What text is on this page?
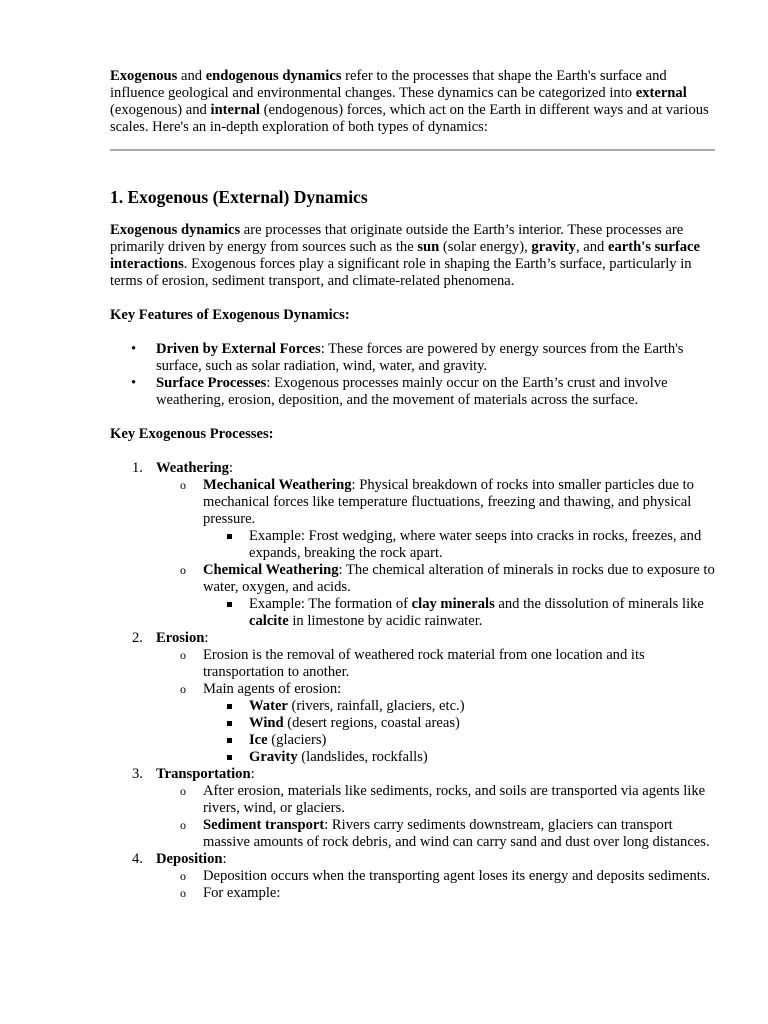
Exogenous and endogenous dynamics refer to the processes that shape the Earth's surface and influence geological and environmental changes. These dynamics can be categorized into external (exogenous) and internal (endogenous) forces, which act on the Earth in different ways and at various scales. Here's an in-depth exploration of both types of dynamics:

1. Exogenous (External) Dynamics

Exogenous dynamics are processes that originate outside the Earth’s interior. These processes are primarily driven by energy from sources such as the sun (solar energy), gravity, and earth's surface interactions. Exogenous forces play a significant role in shaping the Earth’s surface, particularly in terms of erosion, sediment transport, and climate-related phenomena.

Key Features of Exogenous Dynamics:

• Driven by External Forces: These forces are powered by energy sources from the Earth's surface, such as solar radiation, wind, water, and gravity.
• Surface Processes: Exogenous processes mainly occur on the Earth’s crust and involve weathering, erosion, deposition, and the movement of materials across the surface.

Key Exogenous Processes:

1. Weathering:
o Mechanical Weathering: Physical breakdown of rocks into smaller particles due to mechanical forces like temperature fluctuations, freezing and thawing, and physical pressure.
Example: Frost wedging, where water seeps into cracks in rocks, freezes, and expands, breaking the rock apart.
o Chemical Weathering: The chemical alteration of minerals in rocks due to exposure to water, oxygen, and acids.
Example: The formation of clay minerals and the dissolution of minerals like calcite in limestone by acidic rainwater.
2. Erosion:
o Erosion is the removal of weathered rock material from one location and its transportation to another.
o Main agents of erosion:
Water (rivers, rainfall, glaciers, etc.)
Wind (desert regions, coastal areas)
Ice (glaciers)
Gravity (landslides, rockfalls)
3. Transportation:
o After erosion, materials like sediments, rocks, and soils are transported via agents like rivers, wind, or glaciers.
o Sediment transport: Rivers carry sediments downstream, glaciers can transport massive amounts of rock debris, and wind can carry sand and dust over long distances.
4. Deposition:
o Deposition occurs when the transporting agent loses its energy and deposits sediments.
o For example:
